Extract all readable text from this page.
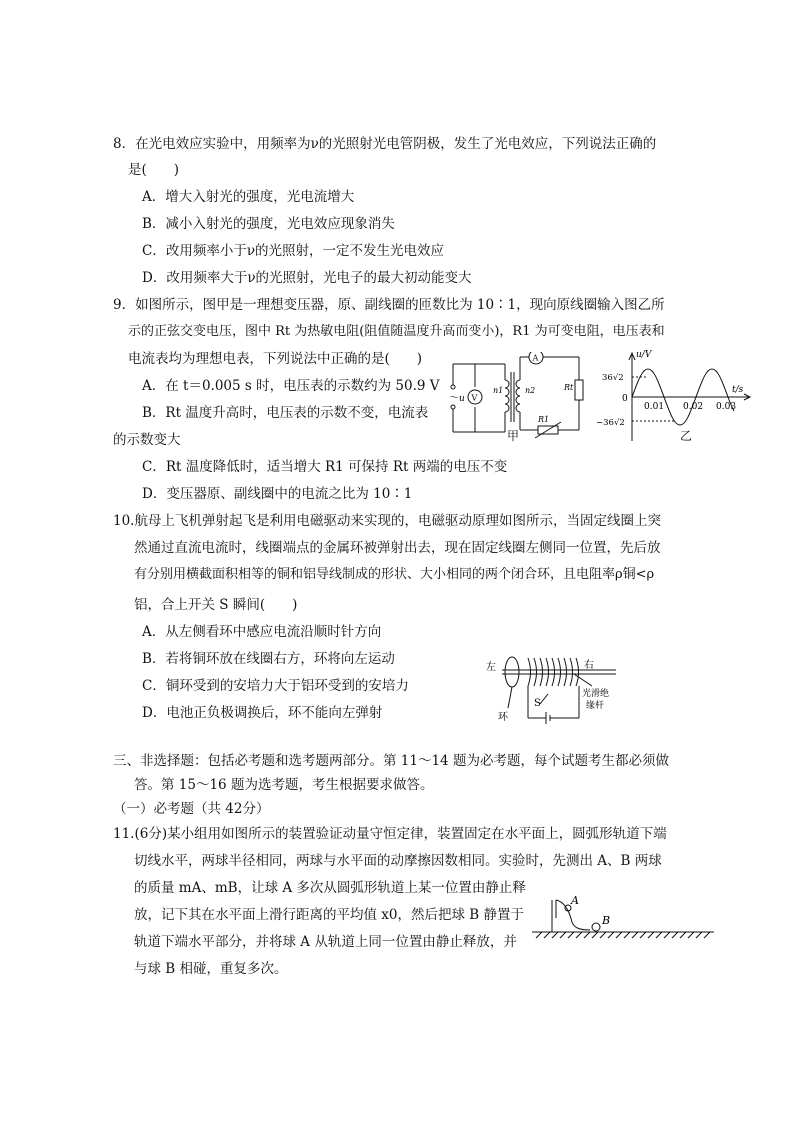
8．在光电效应实验中，用频率为ν的光照射光电管阴极，发生了光电效应，下列说法正确的
是(　　)
A．增大入射光的强度，光电流增大
B．减小入射光的强度，光电效应现象消失
C．改用频率小于ν的光照射，一定不发生光电效应
D．改用频率大于ν的光照射，光电子的最大初动能变大
9．如图所示，图甲是一理想变压器，原、副线圈的匝数比为 10∶1，现向原线圈输入图乙所
示的正弦交变电压，图中 Rt 为热敏电阻(阻值随温度升高而变小)，R1 为可变电阻，电压表和
电流表均为理想电表，下列说法中正确的是(　　)
A．在 t＝0.005 s 时，电压表的示数约为 50.9 V
B．Rt 温度升高时，电压表的示数不变，电流表
的示数变大
C．Rt 温度降低时，适当增大 R1 可保持 Rt 两端的电压不变
D．变压器原、副线圈中的电流之比为 10∶1
～ u V
A
n1	n2	Rt
R1
甲
u/V
t/s
36√2
−36√2
0
0.01 0.02 0.03
乙
10.航母上飞机弹射起飞是利用电磁驱动来实现的，电磁驱动原理如图所示，当固定线圈上突
然通过直流电流时，线圈端点的金属环被弹射出去，现在固定线圈左侧同一位置，先后放
有分别用横截面积相等的铜和铝导线制成的形状、大小相同的两个闭合环，且电阻率ρ铜<ρ
铝，合上开关 S 瞬间(　　)
A．从左侧看环中感应电流沿顺时针方向
B．若将铜环放在线圈右方，环将向左运动
C．铜环受到的安培力大于铝环受到的安培力
D．电池正负极调换后，环不能向左弹射
左	右
光滑绝
缘杆
环
S
三、非选择题：包括必考题和选考题两部分。第 11～14 题为必考题，每个试题考生都必须做
答。第 15～16 题为选考题，考生根据要求做答。
（一）必考题（共 42分）
11.(6分)某小组用如图所示的装置验证动量守恒定律，装置固定在水平面上，圆弧形轨道下端
切线水平，两球半径相同，两球与水平面的动摩擦因数相同。实验时，先测出 A、B 两球
的质量 mA、mB，让球 A 多次从圆弧形轨道上某一位置由静止释
放，记下其在水平面上滑行距离的平均值 x0，然后把球 B 静置于
轨道下端水平部分，并将球 A 从轨道上同一位置由静止释放，并
与球 B 相碰，重复多次。
A
B
